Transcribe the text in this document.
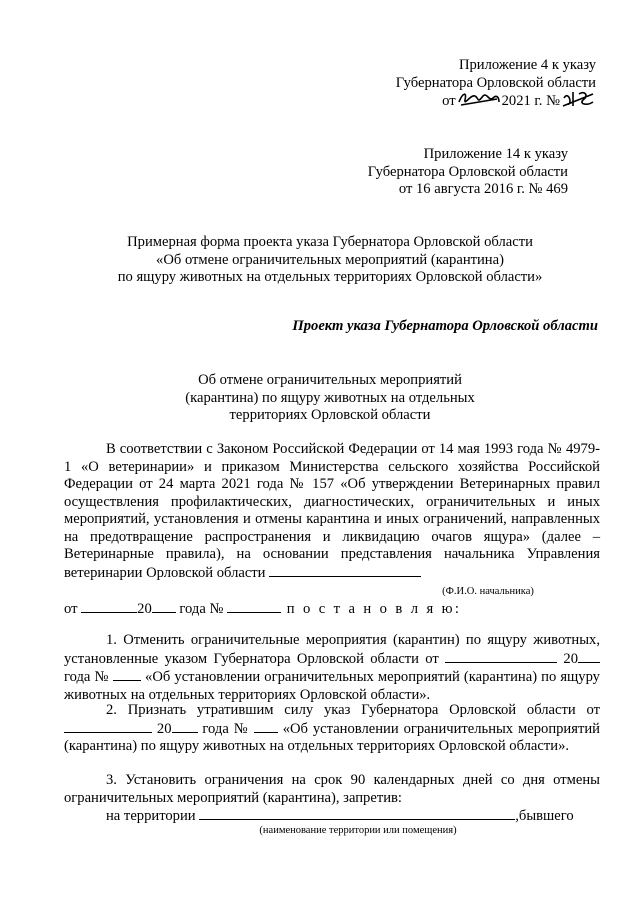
Приложение 4 к указу
Губернатора Орловской области
от	2021 г. №
Приложение 14 к указу
Губернатора Орловской области
от 16 августа 2016 г. № 469
Примерная форма проекта указа Губернатора Орловской области
«Об отмене ограничительных мероприятий (карантина)
по ящуру животных на отдельных территориях Орловской области»
Проект указа Губернатора Орловской области
Об отмене ограничительных мероприятий
(карантина) по ящуру животных на отдельных
территориях Орловской области
В соответствии с Законом Российской Федерации от 14 мая 1993 года № 4979-1 «О ветеринарии» и приказом Министерства сельского хозяйства Российской Федерации от 24 марта 2021 года № 157 «Об утверждении Ветеринарных правил осуществления профилактических, диагностических, ограничительных и иных мероприятий, установления и отмены карантина и иных ограничений, направленных на предотвращение распространения и ликвидацию очагов ящура» (далее – Ветеринарные правила), на основании представления начальника Управления ветеринарии Орловской области
(Ф.И.О. начальника)
от	20 года №	п о с т а н о в л я ю:
1. Отменить ограничительные мероприятия (карантин) по ящуру животных, установленные указом Губернатора Орловской области от	20 года № «Об установлении ограничительных мероприятий (карантина) по ящуру животных на отдельных территориях Орловской области».
2. Признать утратившим силу указ Губернатора Орловской области от  20 года № «Об установлении ограничительных мероприятий (карантина) по ящуру животных на отдельных территориях Орловской области».
3. Установить ограничения на срок 90 календарных дней со дня отмены ограничительных мероприятий (карантина), запретив:
на территории	,бывшего
(наименование территории или помещения)
